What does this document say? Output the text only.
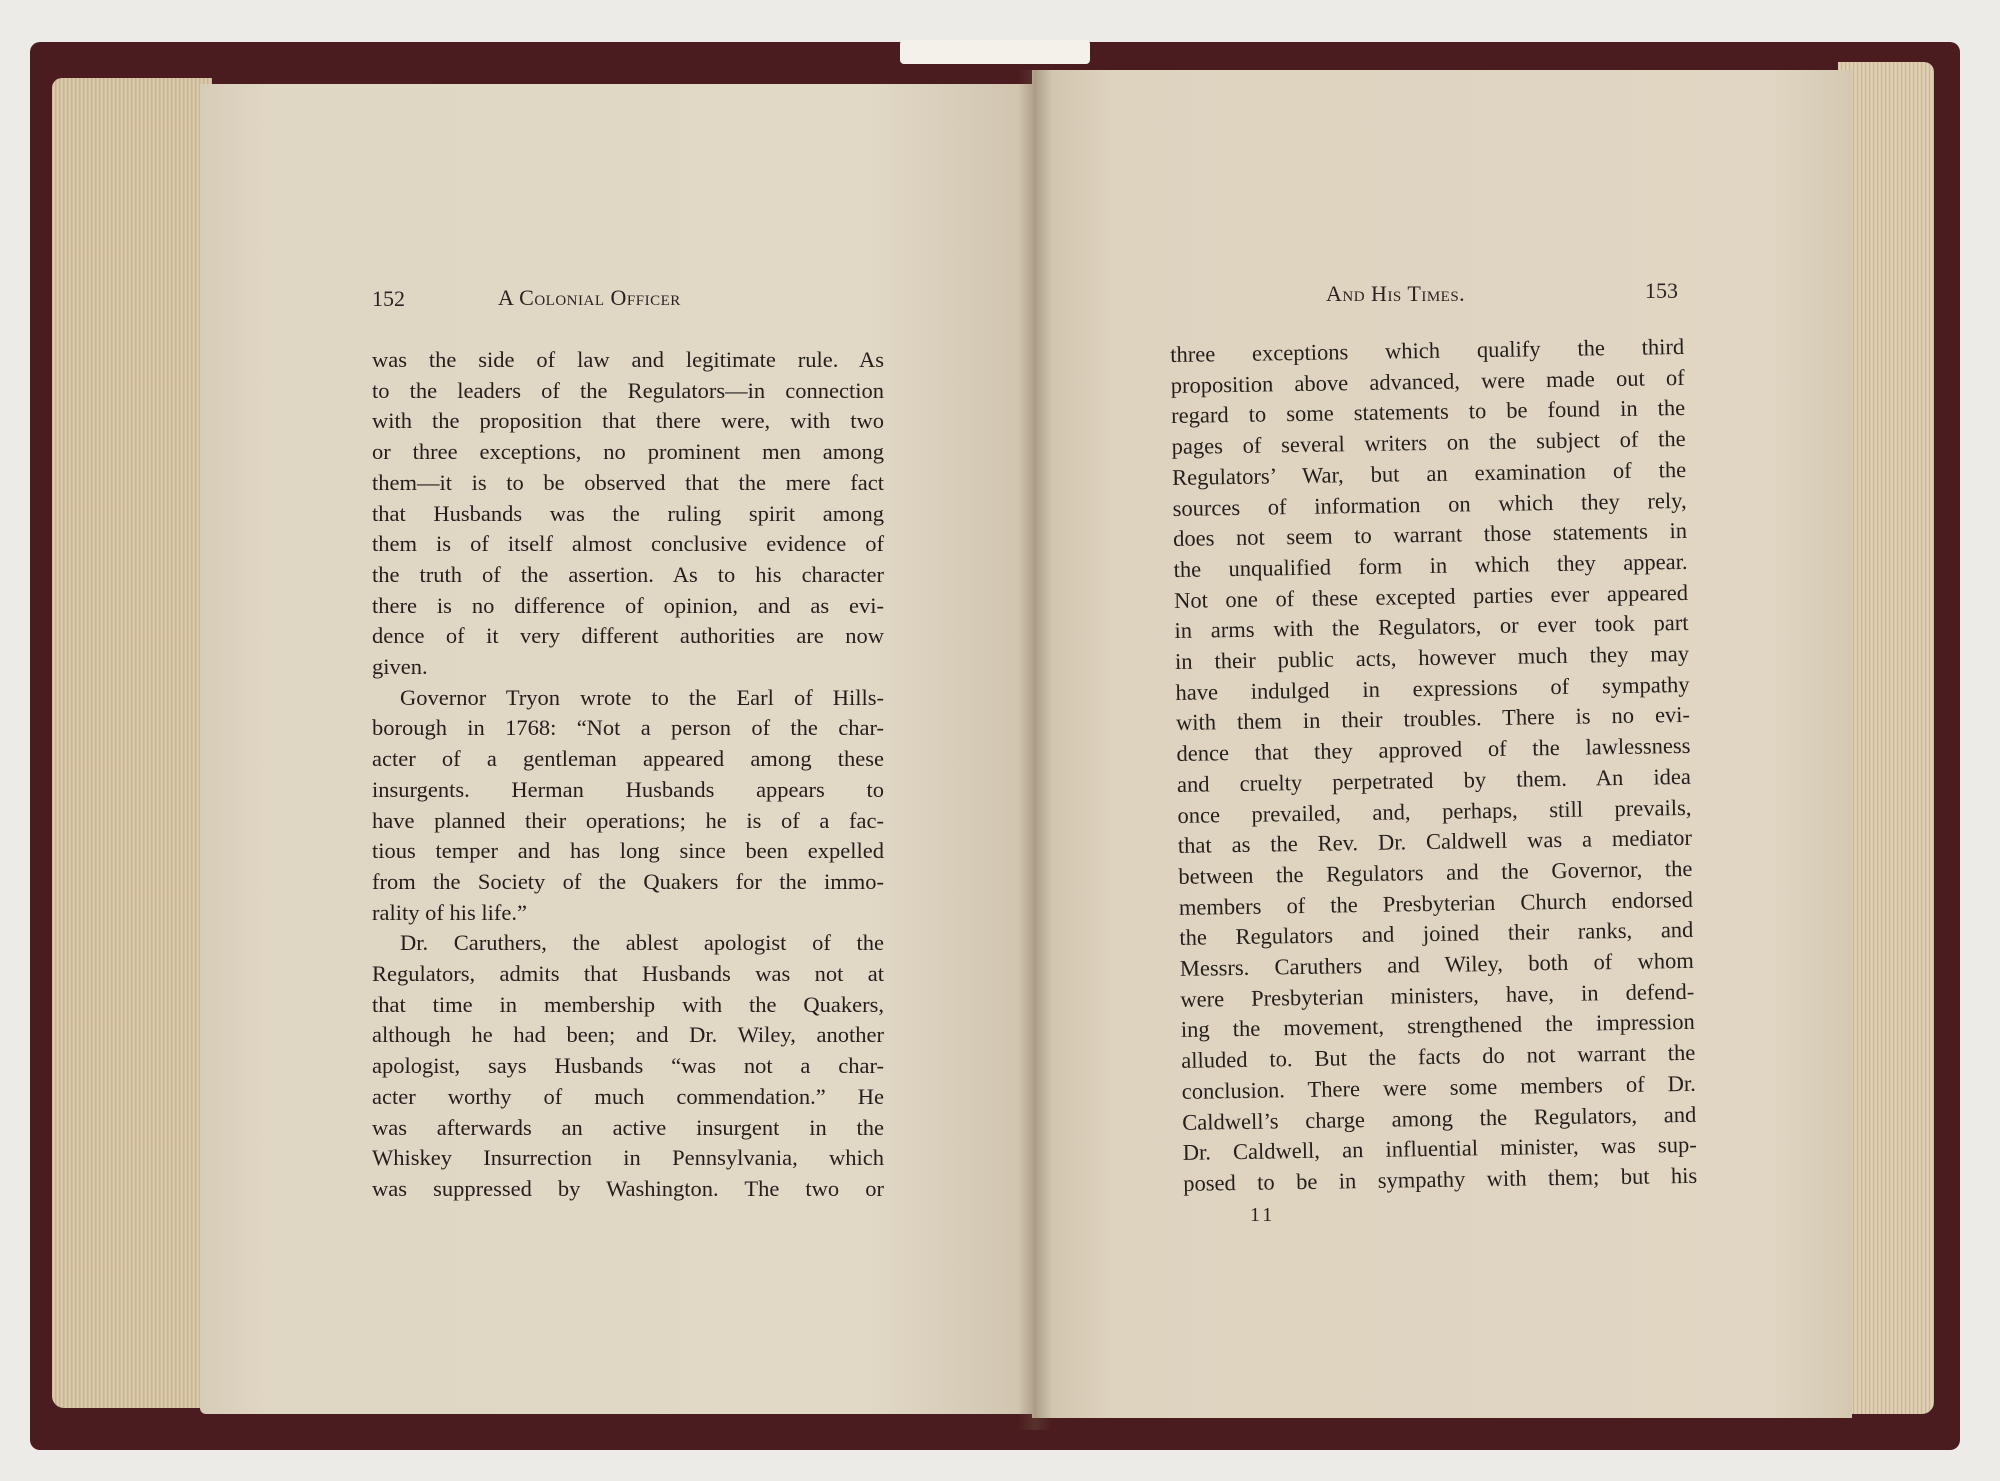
152	A Colonial Officer
was the side of law and legitimate rule. As
to the leaders of the Regulators—in connection
with the proposition that there were, with two
or three exceptions, no prominent men among
them—it is to be observed that the mere fact
that Husbands was the ruling spirit among
them is of itself almost conclusive evidence of
the truth of the assertion. As to his character
there is no difference of opinion, and as evi-
dence of it very different authorities are now
given.
Governor Tryon wrote to the Earl of Hills-
borough in 1768: “Not a person of the char-
acter of a gentleman appeared among these
insurgents. Herman Husbands appears to
have planned their operations; he is of a fac-
tious temper and has long since been expelled
from the Society of the Quakers for the immo-
rality of his life.”
Dr. Caruthers, the ablest apologist of the
Regulators, admits that Husbands was not at
that time in membership with the Quakers,
although he had been; and Dr. Wiley, another
apologist, says Husbands “was not a char-
acter worthy of much commendation.” He
was afterwards an active insurgent in the
Whiskey Insurrection in Pennsylvania, which
was suppressed by Washington. The two or
And His Times.	153
three exceptions which qualify the third
proposition above advanced, were made out of
regard to some statements to be found in the
pages of several writers on the subject of the
Regulators’ War, but an examination of the
sources of information on which they rely,
does not seem to warrant those statements in
the unqualified form in which they appear.
Not one of these excepted parties ever appeared
in arms with the Regulators, or ever took part
in their public acts, however much they may
have indulged in expressions of sympathy
with them in their troubles. There is no evi-
dence that they approved of the lawlessness
and cruelty perpetrated by them. An idea
once prevailed, and, perhaps, still prevails,
that as the Rev. Dr. Caldwell was a mediator
between the Regulators and the Governor, the
members of the Presbyterian Church endorsed
the Regulators and joined their ranks, and
Messrs. Caruthers and Wiley, both of whom
were Presbyterian ministers, have, in defend-
ing the movement, strengthened the impression
alluded to. But the facts do not warrant the
conclusion. There were some members of Dr.
Caldwell’s charge among the Regulators, and
Dr. Caldwell, an influential minister, was sup-
posed to be in sympathy with them; but his
11
